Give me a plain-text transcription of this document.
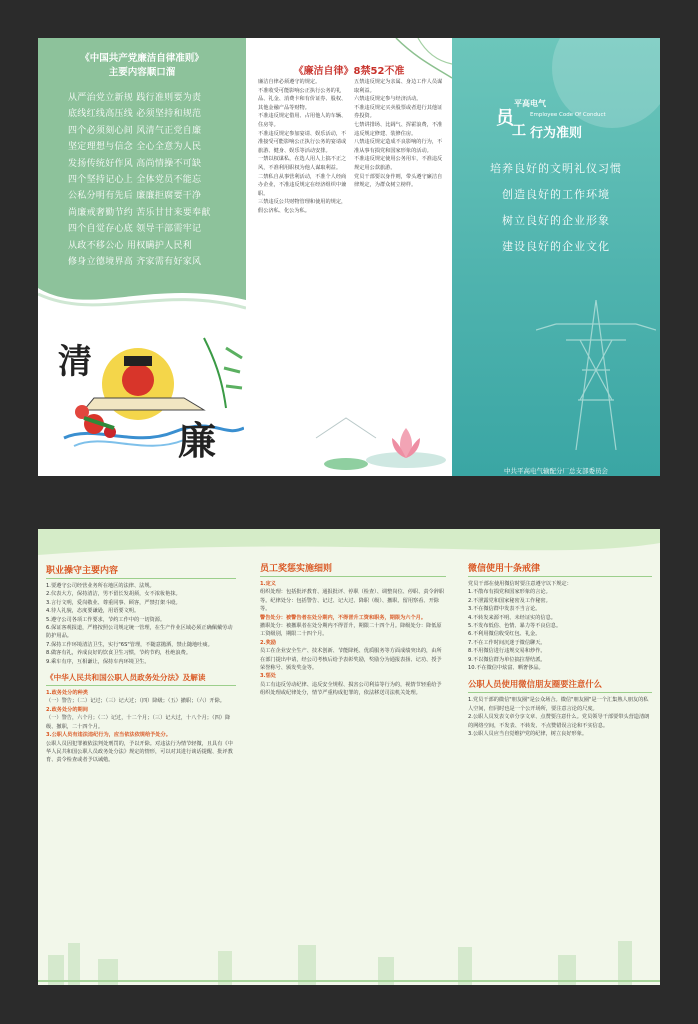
《中国共产党廉洁自律准则》
主要内容顺口溜
从严治党立新规 践行准则要为责
底线红线高压线 必须坚持和规范
四个必须刻心间 风清气正党自廉
坚定理想与信念 全心全意为人民
发扬传统好作风 高尚情操不可缺
四个坚持记心上 全体党员不能忘
公私分明有先后 廉廉拒腐要干净
尚廉戒奢勤节约 苦乐甘甘来要奉献
四个自觉存心底 领导干部需牢记
从政不移公心 用权瞒护人民利
修身立德境界高 齐家需有好家风
清
廉
《廉洁自律》8禁52不准
廉洁自律必须遵守的规定。
不准收受可能影响公正执行公务的礼品、礼金、消费卡和有价证券、股权、其他金融产品等财物。
不准违反规定借用、占用他人的车辆、住房等。
不准违反规定参加宴请、娱乐活动，不准接受可能影响公正执行公务的宴请或旅游、健身、娱乐等活动安排。
一禁以权谋私，在选人用人上搞不正之风，不准利用职权为他人谋取利益。
二禁私自从事营利活动，不准个人经商办企业，不准违反规定在经济组织中兼职。
三禁违反公共财物管理和使用的规定，假公济私、化公为私。
五禁违反规定为亲属、身边工作人员谋取利益。
六禁违反规定参与经济活动。
不准违反规定买卖股票或者进行其他证券投资。
七禁讲排场、比阔气、挥霍浪费，不准违反规定修建、装修住房。
八禁违反规定造成不良影响的行为，不准从事有损党和国家形象的活动。
不准违反规定使用公务用车，不准违反规定用公款旅游。
党员干部要以身作则，带头遵守廉洁自律规定，为群众树立榜样。
平高电气
员
工 行为准则
Employee Code Of Conduct
培养良好的文明礼仪习惯
创造良好的工作环境
树立良好的企业形象
建设良好的企业文化
中共平高电气输配分厂总支部委员会
职业操守主要内容
1.要遵守公司经营业务所在地区的法律、法规。
2.仪表大方，保持清洁，男不留长发胡须，女不浓妆艳抹。
3.言行文明，爱岗敬业、尊重同事、顾客，严禁打架斗殴。
4.待人礼貌，态度要谦逊，用语要文明。
5.遵守公司各项工作要求，节约工作中的一切资源。
6.保证客观报道，严格按照公司规定统一管理，在生产作业区域必须正确佩戴劳动防护用品。
7.保持工作环境清洁卫生，实行"6S"管理，不随意抛洒，禁止随地吐痰。
8.做客有礼，养成良好的饮食卫生习惯，节约节约，杜绝浪费。
9.乘车有序，互相谦让，保持车内环境卫生。
《中华人民共和国公职人员政务处分法》及解读
1.政务处分的种类
（一）警告；（二）记过；（三）记大过；（四）降级；（五）撤职；（六）开除。
2.政务处分的期间
（一）警告，六个月；（二）记过，十二个月；（三）记大过，十八个月；（四）降级、撤职，二十四个月。
3.公职人员有违法违纪行为，应当依法依规给予处分。
公职人员因犯罪被依法判处刑罚的，予以开除。对违法行为情节轻微，且具有《中华人民共和国公职人员政务处分法》规定的情形，可以对其进行谈话提醒、批评教育、责令检查或者予以诫勉。
员工奖惩实施细则
1.定义
组织处理：包括批评教育、通报批评、停职（检查）、调整岗位、停职、责令辞职等。纪律处分：包括警告、记过、记大过、降职（级）、撤职、留用察看、开除等。
警告处分：被警告者在处分期内，不得晋升工资和职务，期限为六个月。
撤职处分：被撤职者在处分期内不得晋升，期限二十四个月。降级处分：降低原工资级别，期限二十四个月。
2.奖励
员工在企业安全生产、技术创新、节能降耗、优质服务等方面成绩突出的，由所在部门提出申请，经公司考核后给予表彰奖励，奖励分为通报表扬、记功、授予荣誉称号、颁发奖金等。
3.惩处
员工有违反劳动纪律、违反安全规程、损害公司利益等行为的，视情节轻重给予组织处理或纪律处分，情节严重构成犯罪的，依法移送司法机关处理。
微信使用十条戒律
党员干部在使用微信时要注意遵守以下规定：
1.不散布有损党和国家形象的言论。
2.不泄露党和国家秘密及工作秘密。
3.不在微信群中发表不当言论。
4.不转发来源不明、未经证实的信息。
5.不发布低俗、色情、暴力等不良信息。
6.不利用微信收受红包、礼金。
7.不在工作时间沉迷于微信聊天。
8.不用微信进行违规交易和炒作。
9.不以微信群为单位搞拉帮结派。
10.不在微信中炫富、晒奢侈品。
公职人员使用微信朋友圈要注意什么
1.党员干部的微信"朋友圈"是公众场合。微信"朋友圈"是一个汇集熟人朋友的私人空间，但同时也是一个公开场所，要注意言论的尺度。
2.公职人员发表文章分享文章、点赞要注意什么。党员领导干部要带头营造清朗的网络空间，不发表、不转发、不点赞错误言论和不实信息。
3.公职人员应当自觉维护党的纪律，树立良好形象。
